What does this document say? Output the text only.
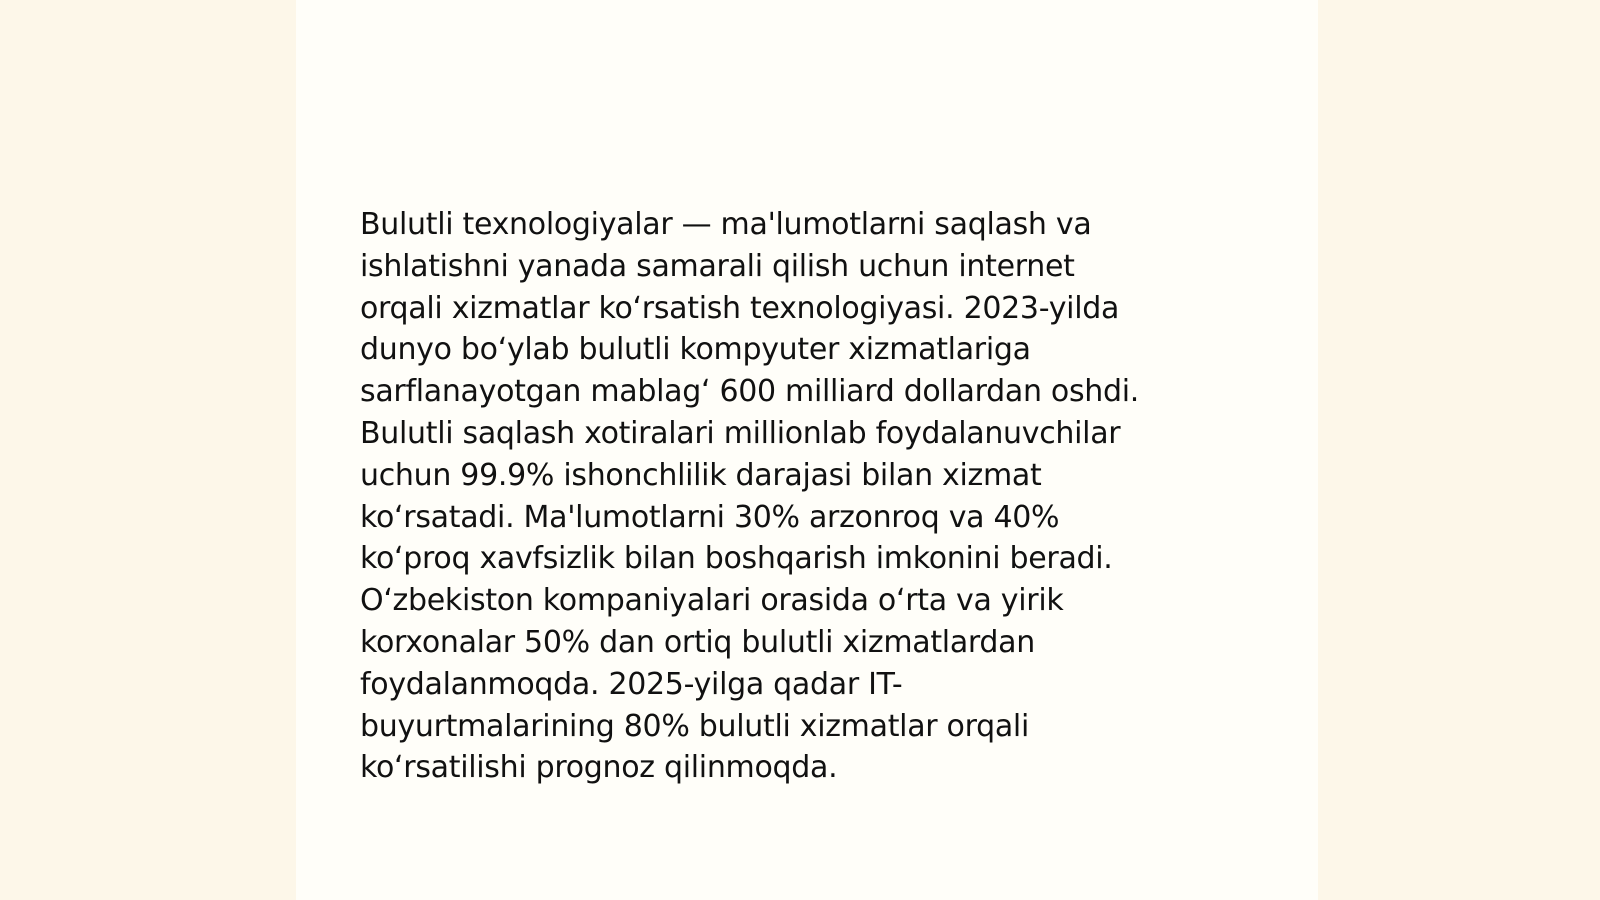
Bulutli texnologiyalar — ma'lumotlarni saqlash va
ishlatishni yanada samarali qilish uchun internet
orqali xizmatlar koʻrsatish texnologiyasi. 2023-yilda
dunyo boʻylab bulutli kompyuter xizmatlariga
sarflanayotgan mablagʻ 600 milliard dollardan oshdi.
Bulutli saqlash xotiralari millionlab foydalanuvchilar
uchun 99.9% ishonchlilik darajasi bilan xizmat
koʻrsatadi. Ma'lumotlarni 30% arzonroq va 40%
koʻproq xavfsizlik bilan boshqarish imkonini beradi.
Oʻzbekiston kompaniyalari orasida oʻrta va yirik
korxonalar 50% dan ortiq bulutli xizmatlardan
foydalanmoqda. 2025-yilga qadar IT-
buyurtmalarining 80% bulutli xizmatlar orqali
koʻrsatilishi prognoz qilinmoqda.
